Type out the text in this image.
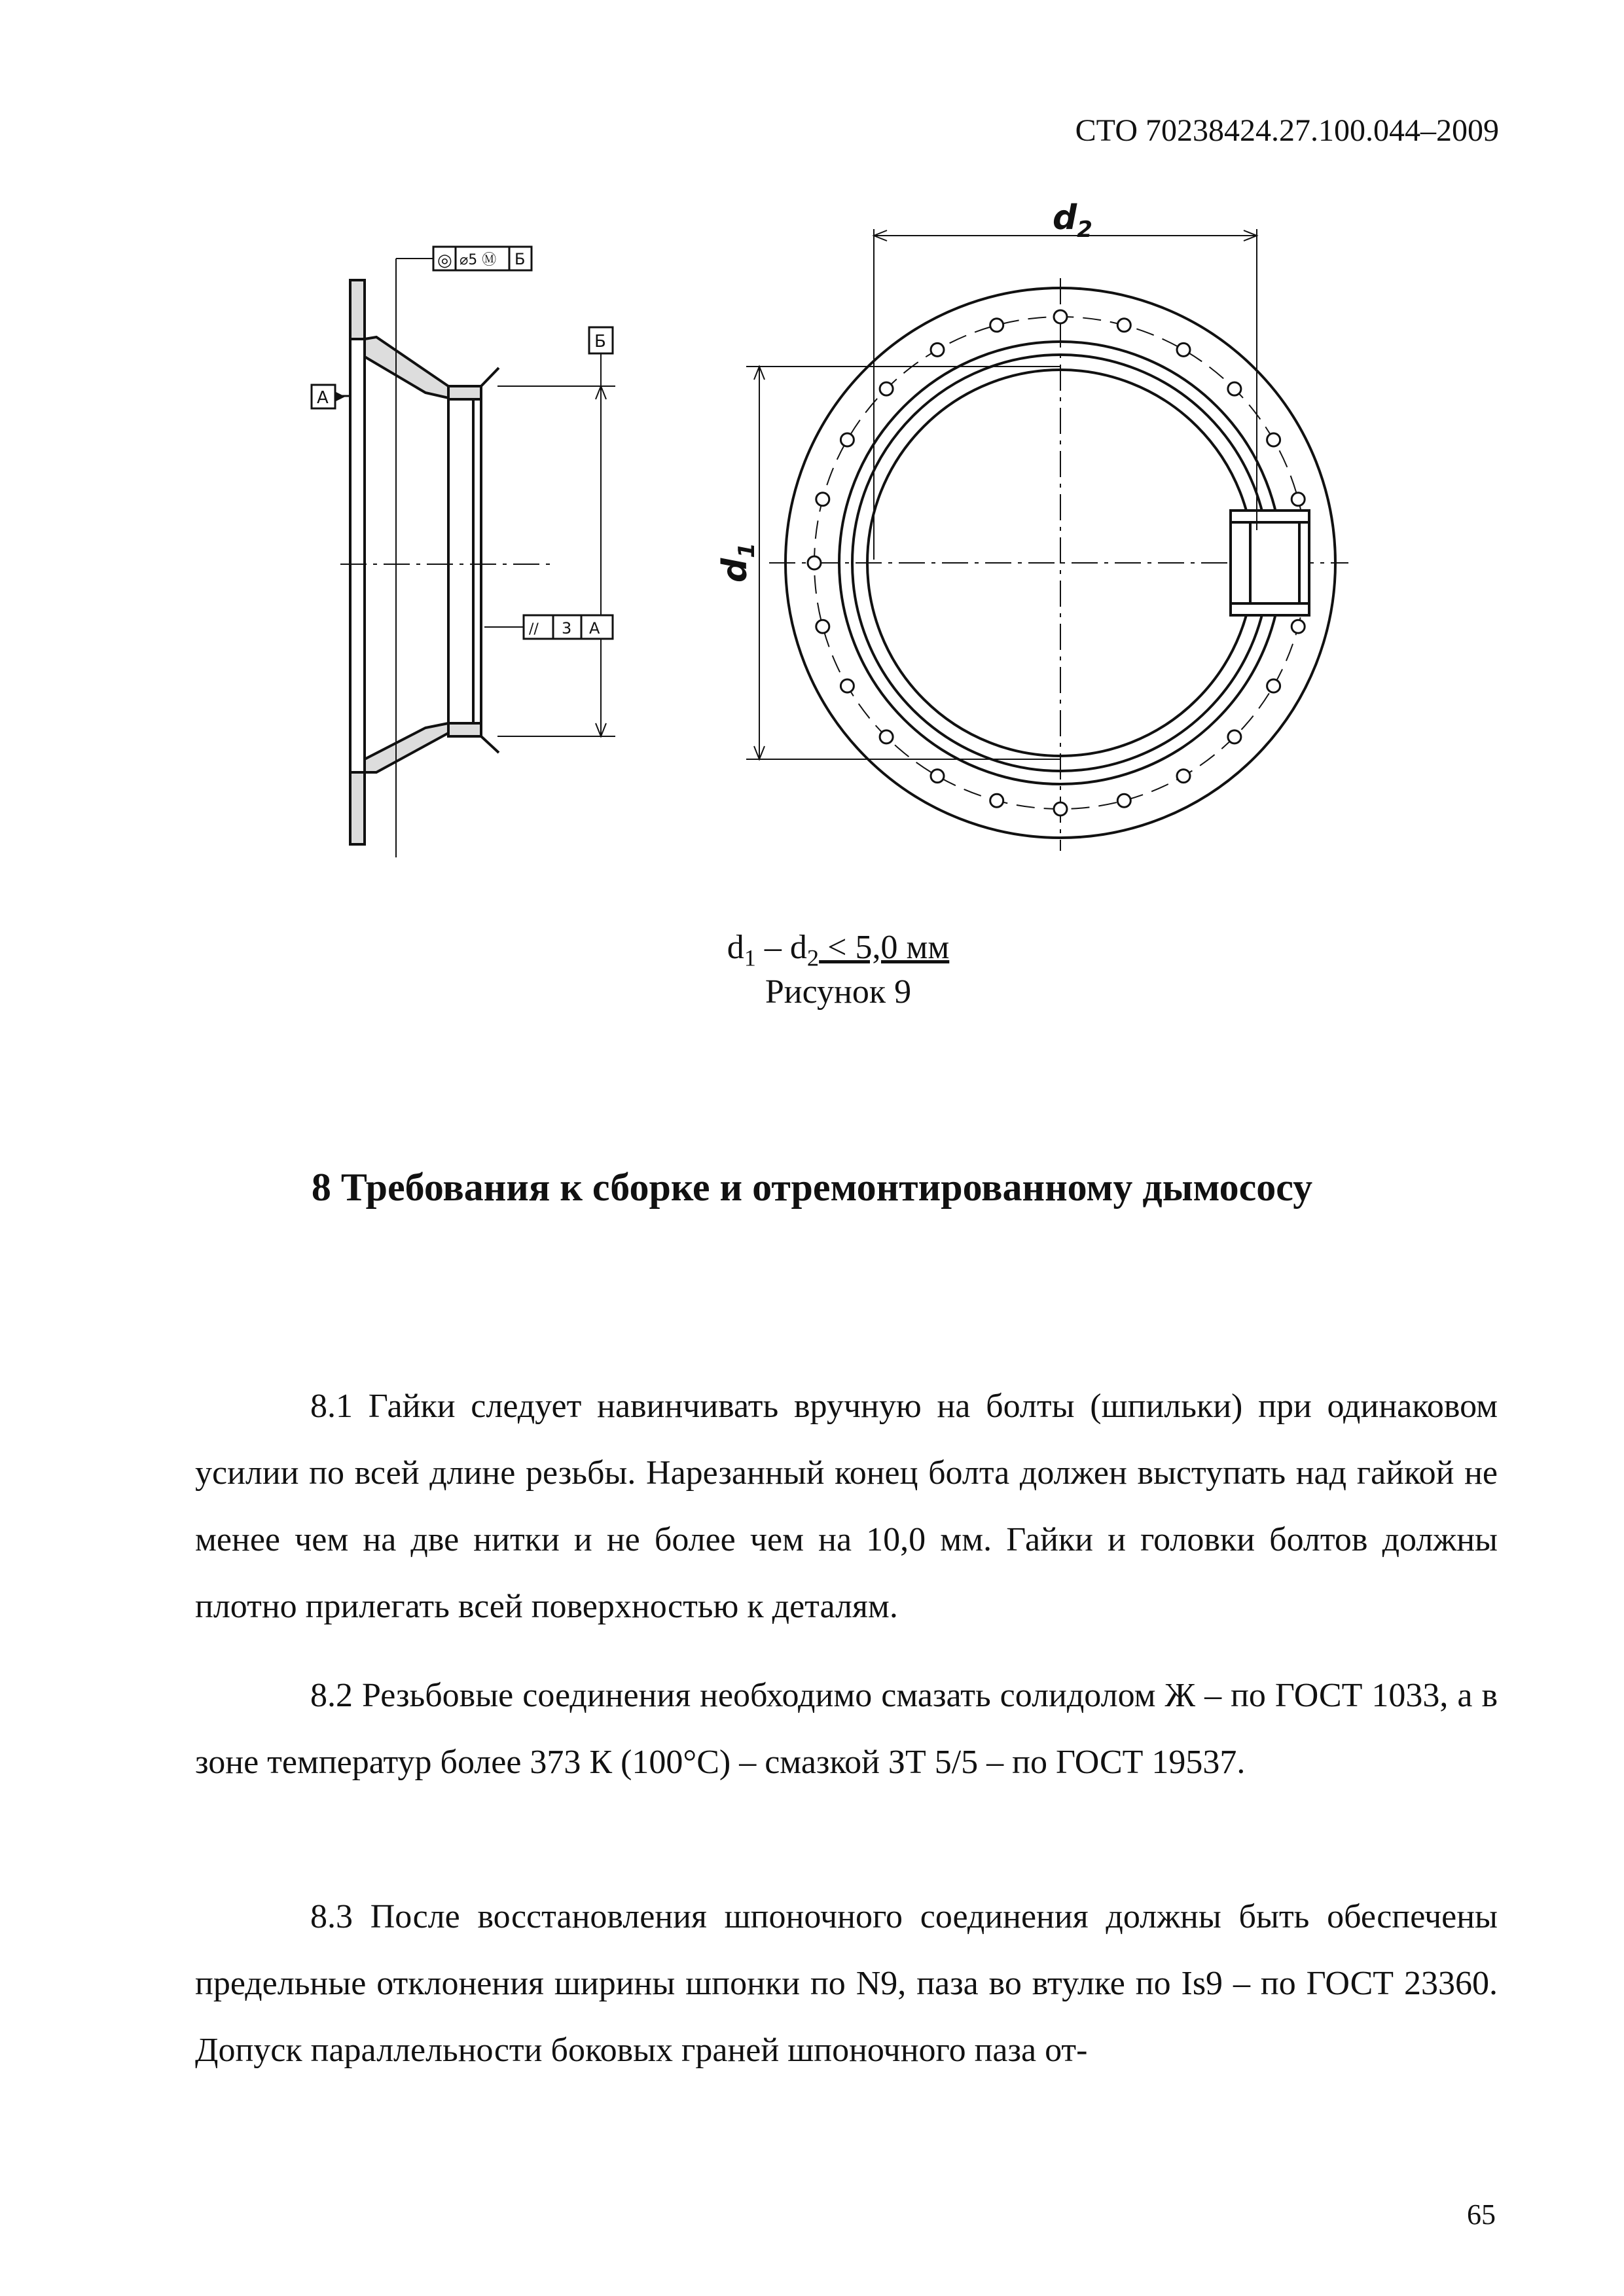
СТО 70238424.27.100.044–2009
◎ ⌀5 Ⓜ Б
// 3 А
А
Б
$d_2$
$d_1$
$d_1 - d_2 < 5,0$ мм
Рисунок 9
8 Требования к сборке и отремонтированному дымососу

8.1 Гайки следует навинчивать вручную на болты (шпильки) при одинаковом усилии по всей длине резьбы. Нарезанный конец болта должен выступать над гайкой не менее чем на две нитки и не более чем на 10,0 мм. Гайки и головки болтов должны плотно прилегать всей поверхностью к деталям.

8.2 Резьбовые соединения необходимо смазать солидолом Ж – по ГОСТ 1033, а в зоне температур более 373 К (100°С) – смазкой ЗТ 5/5 – по ГОСТ 19537.

8.3 После восстановления шпоночного соединения должны быть обеспечены предельные отклонения ширины шпонки по N9, паза во втулке по Is9 – по ГОСТ 23360. Допуск параллельности боковых граней шпоночного паза от-

65
